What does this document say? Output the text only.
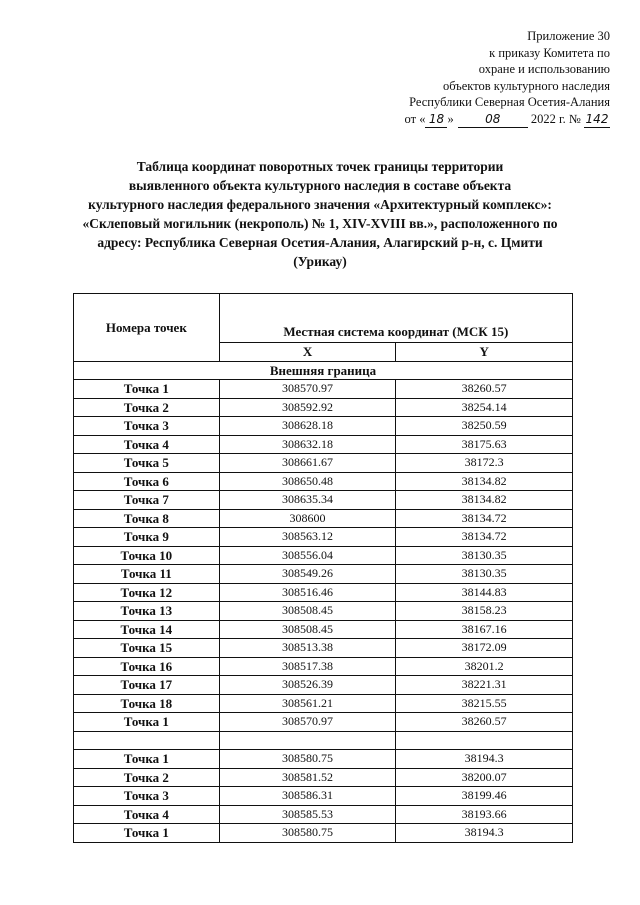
Приложение 30
к приказу Комитета по
охране и использованию
объектов культурного наследия
Республики Северная Осетия-Алания
от « 18 »	08 2022 г. № 142
Таблица координат поворотных точек границы территории
выявленного объекта культурного наследия в составе объекта
культурного наследия федерального значения «Архитектурный комплекс»:
«Склеповый могильник (некрополь) № 1, XIV-XVIII вв.», расположенного по
адресу: Республика Северная Осетия-Алания, Алагирский р-н, с. Цмити
(Урикау)
Номера точек	Местная система координат (МСК 15)	
	X	Y
Внешняя граница		
Точка 1	308570.97	38260.57
Точка 2	308592.92	38254.14
Точка 3	308628.18	38250.59
Точка 4	308632.18	38175.63
Точка 5	308661.67	38172.3
Точка 6	308650.48	38134.82
Точка 7	308635.34	38134.82
Точка 8	308600	38134.72
Точка 9	308563.12	38134.72
Точка 10	308556.04	38130.35
Точка 11	308549.26	38130.35
Точка 12	308516.46	38144.83
Точка 13	308508.45	38158.23
Точка 14	308508.45	38167.16
Точка 15	308513.38	38172.09
Точка 16	308517.38	38201.2
Точка 17	308526.39	38221.31
Точка 18	308561.21	38215.55
Точка 1	308570.97	38260.57

Точка 1	308580.75	38194.3
Точка 2	308581.52	38200.07
Точка 3	308586.31	38199.46
Точка 4	308585.53	38193.66
Точка 1	308580.75	38194.3
